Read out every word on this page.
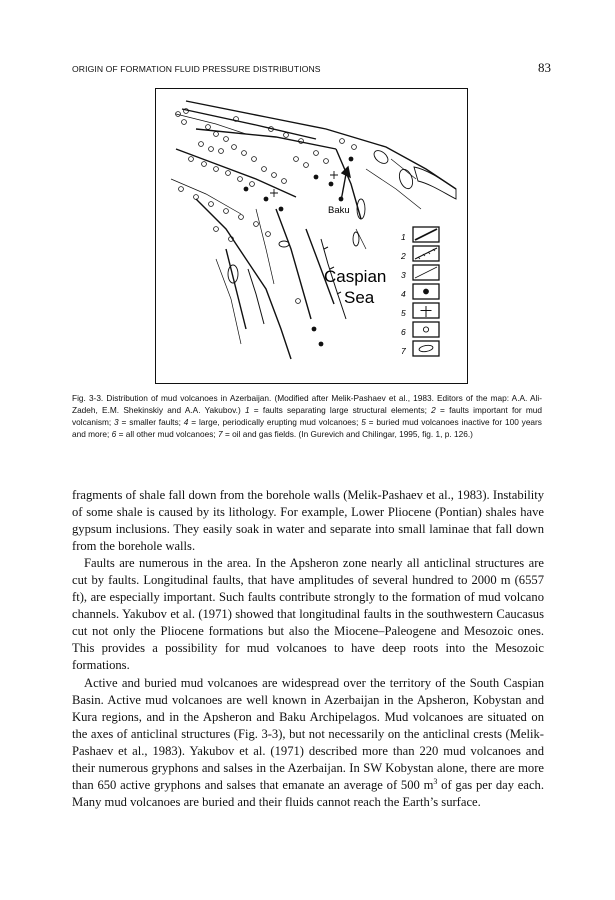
ORIGIN OF FORMATION FLUID PRESSURE DISTRIBUTIONS	83
Baku
Caspian
Sea
1
2
3
4
5
6
7
Fig. 3-3. Distribution of mud volcanoes in Azerbaijan. (Modified after Melik-Pashaev et al., 1983. Editors of the map: A.A. Ali-Zadeh, E.M. Shekinskiy and A.A. Yakubov.) 1 = faults separating large structural elements; 2 = faults important for mud volcanism; 3 = smaller faults; 4 = large, periodically erupting mud volcanoes; 5 = buried mud volcanoes inactive for 100 years and more; 6 = all other mud volcanoes; 7 = oil and gas fields. (In Gurevich and Chilingar, 1995, fig. 1, p. 126.)

fragments of shale fall down from the borehole walls (Melik-Pashaev et al., 1983). Instability of some shale is caused by its lithology. For example, Lower Pliocene (Pontian) shales have gypsum inclusions. They easily soak in water and separate into small laminae that fall down from the borehole walls.

Faults are numerous in the area. In the Apsheron zone nearly all anticlinal structures are cut by faults. Longitudinal faults, that have amplitudes of several hundred to 2000 m (6557 ft), are especially important. Such faults contribute strongly to the formation of mud volcano channels. Yakubov et al. (1971) showed that longitudinal faults in the southwestern Caucasus cut not only the Pliocene formations but also the Miocene–Paleogene and Mesozoic ones. This provides a possibility for mud volcanoes to have deep roots into the Mesozoic formations.

Active and buried mud volcanoes are widespread over the territory of the South Caspian Basin. Active mud volcanoes are well known in Azerbaijan in the Apsheron, Kobystan and Kura regions, and in the Apsheron and Baku Archipelagos. Mud volcanoes are situated on the axes of anticlinal structures (Fig. 3-3), but not necessarily on the anticlinal crests (Melik-Pashaev et al., 1983). Yakubov et al. (1971) described more than 220 mud volcanoes and their numerous gryphons and salses in the Azerbaijan. In SW Kobystan alone, there are more than 650 active gryphons and salses that emanate an average of 500 $m^3$ of gas per day each. Many mud volcanoes are buried and their fluids cannot reach the Earth’s surface.
